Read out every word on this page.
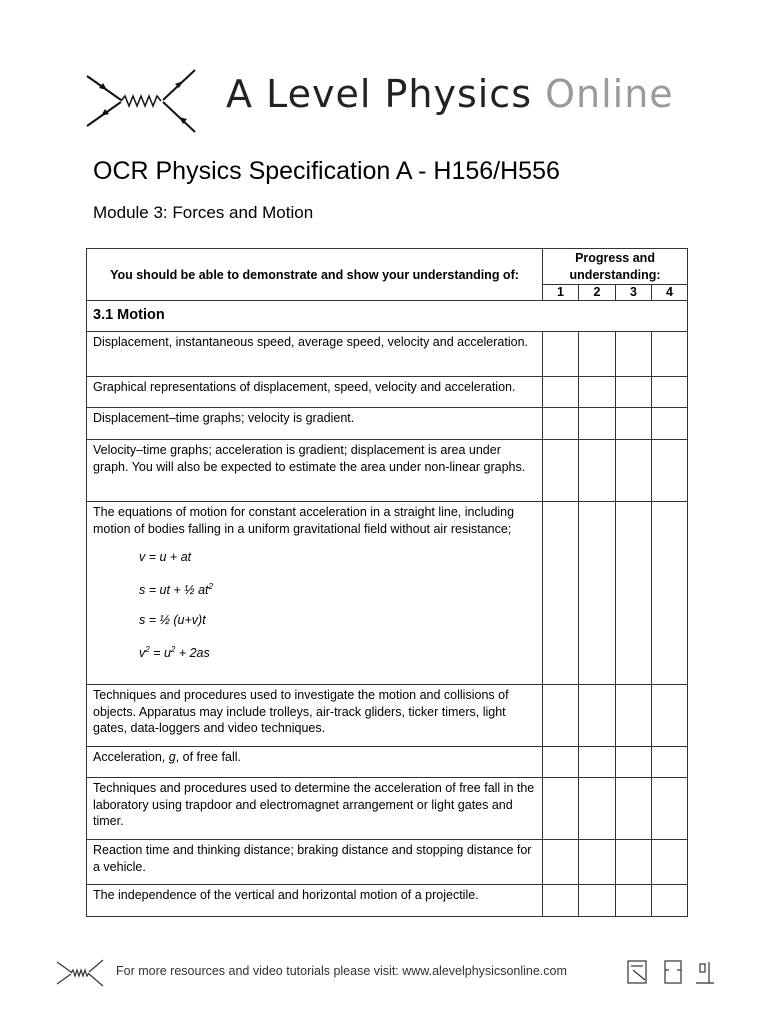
A Level Physics Online
OCR Physics Specification A - H156/H556
Module 3: Forces and Motion
You should be able to demonstrate and show your understanding of:	Progress and understanding:			
	1	2	3	4
3.1 Motion				
Displacement, instantaneous speed, average speed, velocity and acceleration.				
Graphical representations of displacement, speed, velocity and acceleration.				
Displacement–time graphs; velocity is gradient.				
Velocity–time graphs; acceleration is gradient; displacement is area under graph. You will also be expected to estimate the area under non-linear graphs.				

The equations of motion for constant acceleration in a straight line, including motion of bodies falling in a uniform gravitational field without air resistance;
v = u + at
s = ut + ½ $at^2$
s = ½ (u+v)t
$v^2 = u^2 + 2as$				

Techniques and procedures used to investigate the motion and collisions of objects. Apparatus may include trolleys, air-track gliders, ticker timers, light gates, data-loggers and video techniques.				
Acceleration, g, of free fall.				
Techniques and procedures used to determine the acceleration of free fall in the laboratory using trapdoor and electromagnet arrangement or light gates and timer.				
Reaction time and thinking distance; braking distance and stopping distance for a vehicle.				
The independence of the vertical and horizontal motion of a projectile.				
For more resources and video tutorials please visit: www.alevelphysicsonline.com
